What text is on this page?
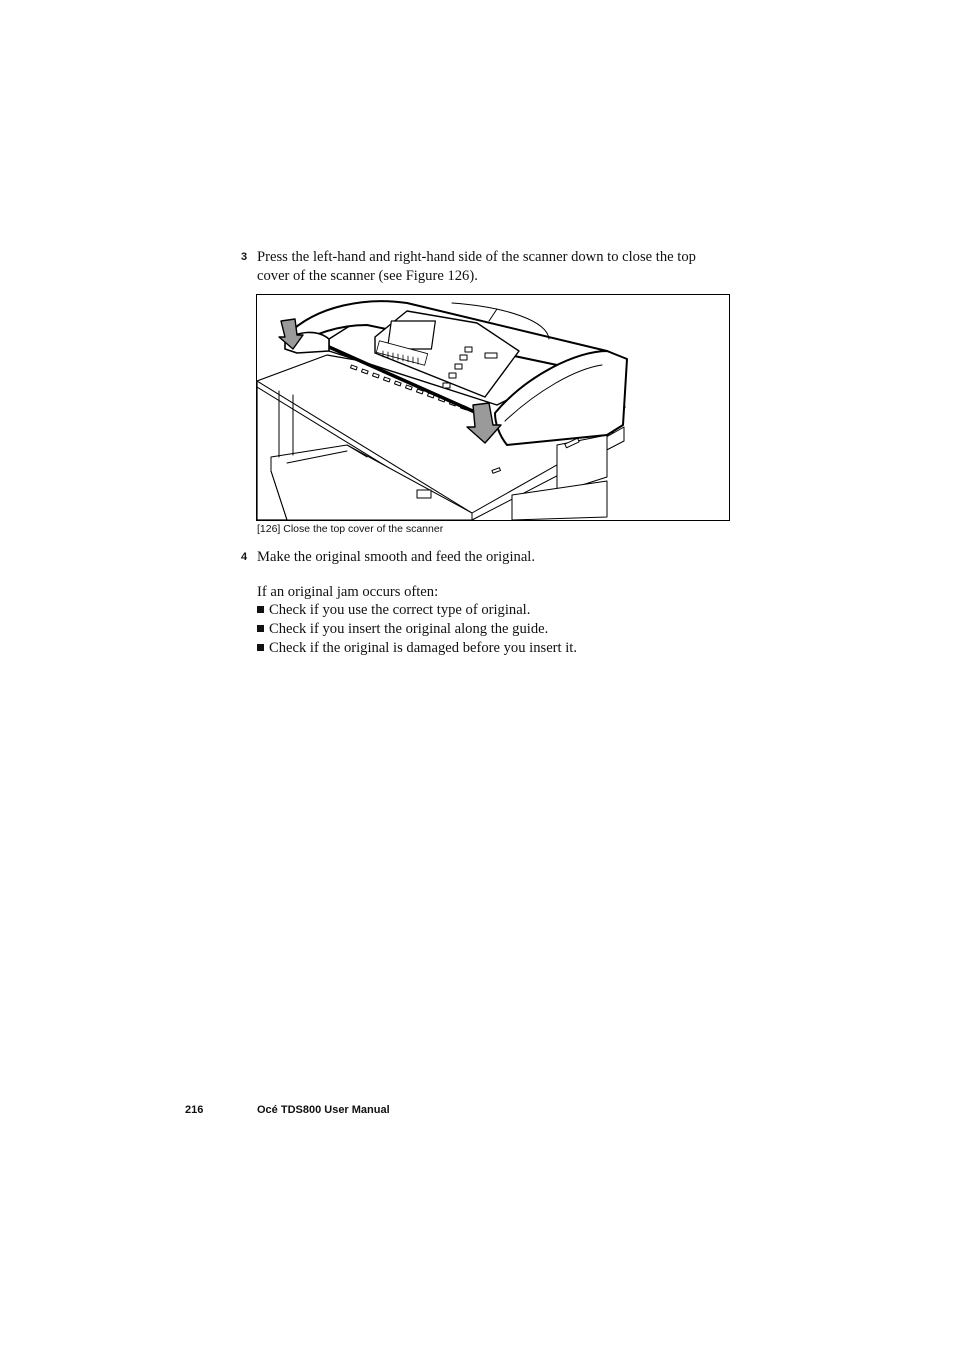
3 Press the left-hand and right-hand side of the scanner down to close the top
cover of the scanner (see Figure 126).
[126] Close the top cover of the scanner
4 Make the original smooth and feed the original.
If an original jam occurs often:
Check if you use the correct type of original.
Check if you insert the original along the guide.
Check if the original is damaged before you insert it.
216	Océ TDS800 User Manual
